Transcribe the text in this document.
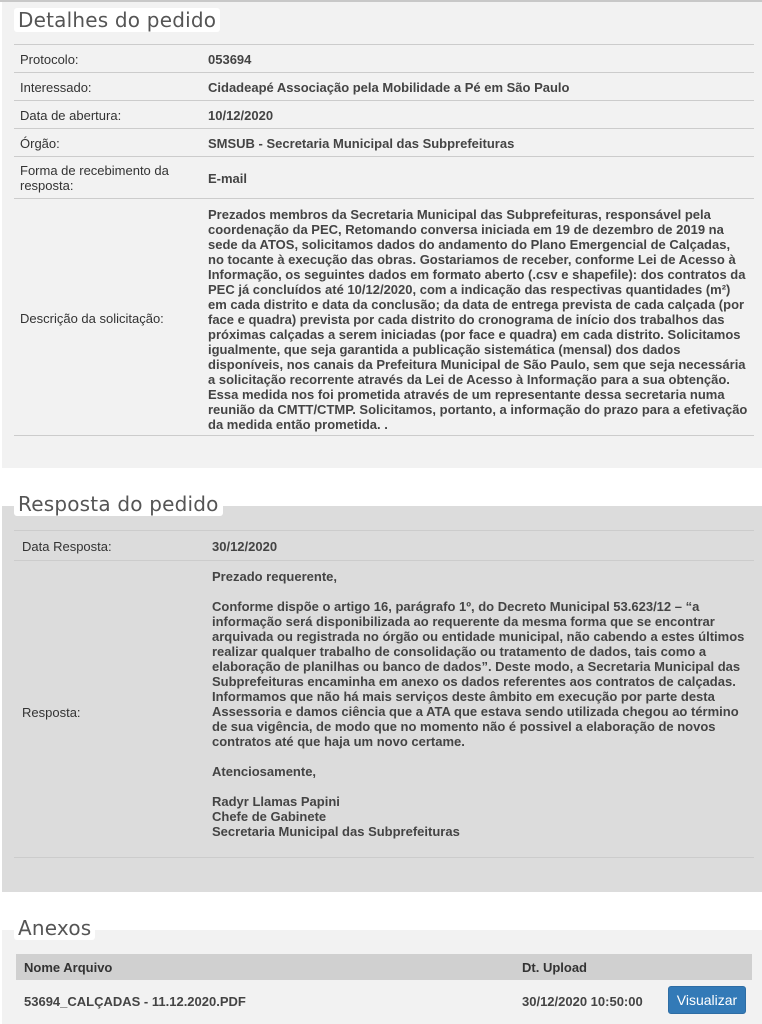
Detalhes do pedido
Protocolo:	053694
Interessado:	Cidadeapé Associação pela Mobilidade a Pé em São Paulo
Data de abertura:	10/12/2020
Órgão:	SMSUB - Secretaria Municipal das Subprefeituras
Forma de recebimento da resposta:	E-mail
Descrição da solicitação:
Prezados membros da Secretaria Municipal das Subprefeituras, responsável pela coordenação da PEC, Retomando conversa iniciada em 19 de dezembro de 2019 na sede da ATOS, solicitamos dados do andamento do Plano Emergencial de Calçadas, no tocante à execução das obras. Gostariamos de receber, conforme Lei de Acesso à Informação, os seguintes dados em formato aberto (.csv e shapefile): dos contratos da PEC já concluídos até 10/12/2020, com a indicação das respectivas quantidades (m²) em cada distrito e data da conclusão; da data de entrega prevista de cada calçada (por face e quadra) prevista por cada distrito do cronograma de início dos trabalhos das próximas calçadas a serem iniciadas (por face e quadra) em cada distrito. Solicitamos igualmente, que seja garantida a publicação sistemática (mensal) dos dados disponíveis, nos canais da Prefeitura Municipal de São Paulo, sem que seja necessária a solicitação recorrente através da Lei de Acesso à Informação para a sua obtenção. Essa medida nos foi prometida através de um representante dessa secretaria numa reunião da CMTT/CTMP. Solicitamos, portanto, a informação do prazo para a efetivação da medida então prometida. .
Resposta do pedido
Data Resposta:	30/12/2020
Resposta:
Prezado requerente,

Conforme dispõe o artigo 16, parágrafo 1º, do Decreto Municipal 53.623/12 – “a informação será disponibilizada ao requerente da mesma forma que se encontrar arquivada ou registrada no órgão ou entidade municipal, não cabendo a estes últimos realizar qualquer trabalho de consolidação ou tratamento de dados, tais como a elaboração de planilhas ou banco de dados”. Deste modo, a Secretaria Municipal das Subprefeituras encaminha em anexo os dados referentes aos contratos de calçadas.
Informamos que não há mais serviços deste âmbito em execução por parte desta Assessoria e damos ciência que a ATA que estava sendo utilizada chegou ao término de sua vigência, de modo que no momento não é possivel a elaboração de novos contratos até que haja um novo certame.

Atenciosamente,

Radyr Llamas Papini
Chefe de Gabinete
Secretaria Municipal das Subprefeituras
Anexos
Nome Arquivo	Dt. Upload
53694_CALÇADAS - 11.12.2020.PDF	30/12/2020 10:50:00	Visualizar
